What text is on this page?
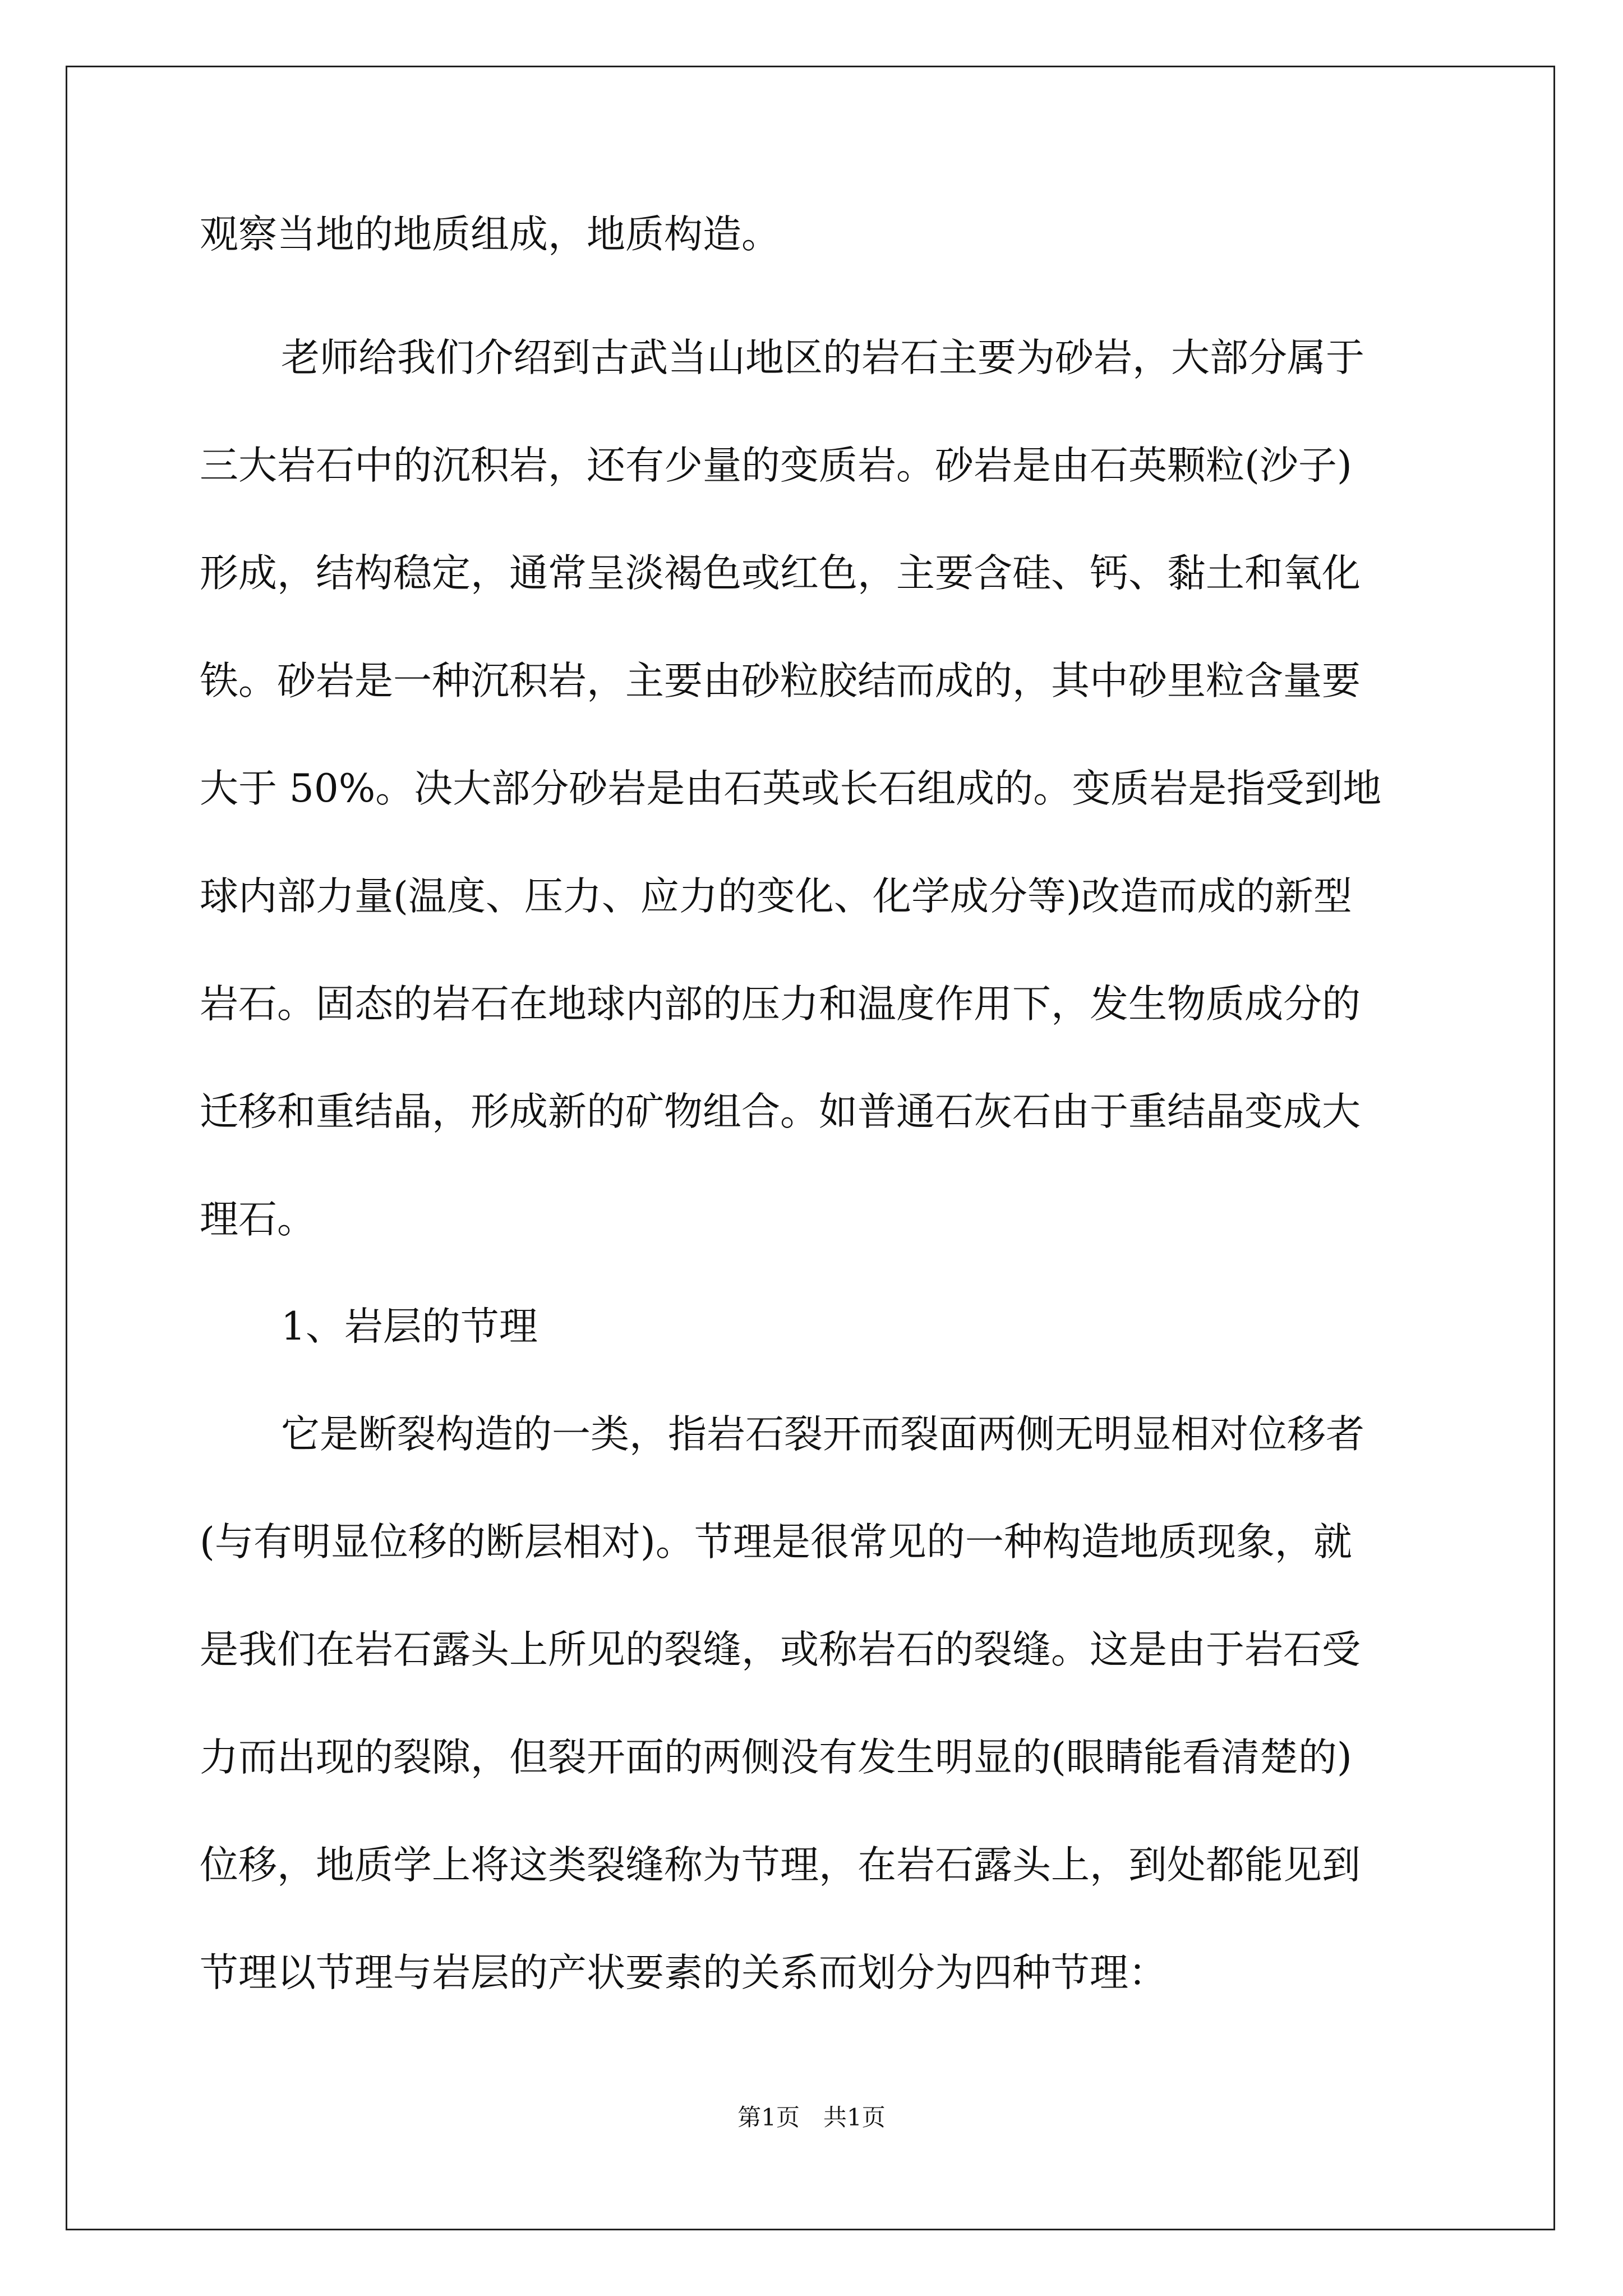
观察当地的地质组成，地质构造。
老师给我们介绍到古武当山地区的岩石主要为砂岩，大部分属于
三大岩石中的沉积岩，还有少量的变质岩。砂岩是由石英颗粒(沙子)
形成，结构稳定，通常呈淡褐色或红色，主要含硅、钙、黏土和氧化
铁。砂岩是一种沉积岩，主要由砂粒胶结而成的，其中砂里粒含量要
大于 50%。决大部分砂岩是由石英或长石组成的。变质岩是指受到地
球内部力量(温度、压力、应力的变化、化学成分等)改造而成的新型
岩石。固态的岩石在地球内部的压力和温度作用下，发生物质成分的
迁移和重结晶，形成新的矿物组合。如普通石灰石由于重结晶变成大
理石。
1、岩层的节理
它是断裂构造的一类，指岩石裂开而裂面两侧无明显相对位移者
(与有明显位移的断层相对)。节理是很常见的一种构造地质现象，就
是我们在岩石露头上所见的裂缝，或称岩石的裂缝。这是由于岩石受
力而出现的裂隙，但裂开面的两侧没有发生明显的(眼睛能看清楚的)
位移，地质学上将这类裂缝称为节理，在岩石露头上，到处都能见到
节理以节理与岩层的产状要素的关系而划分为四种节理：
第1页　共1页
